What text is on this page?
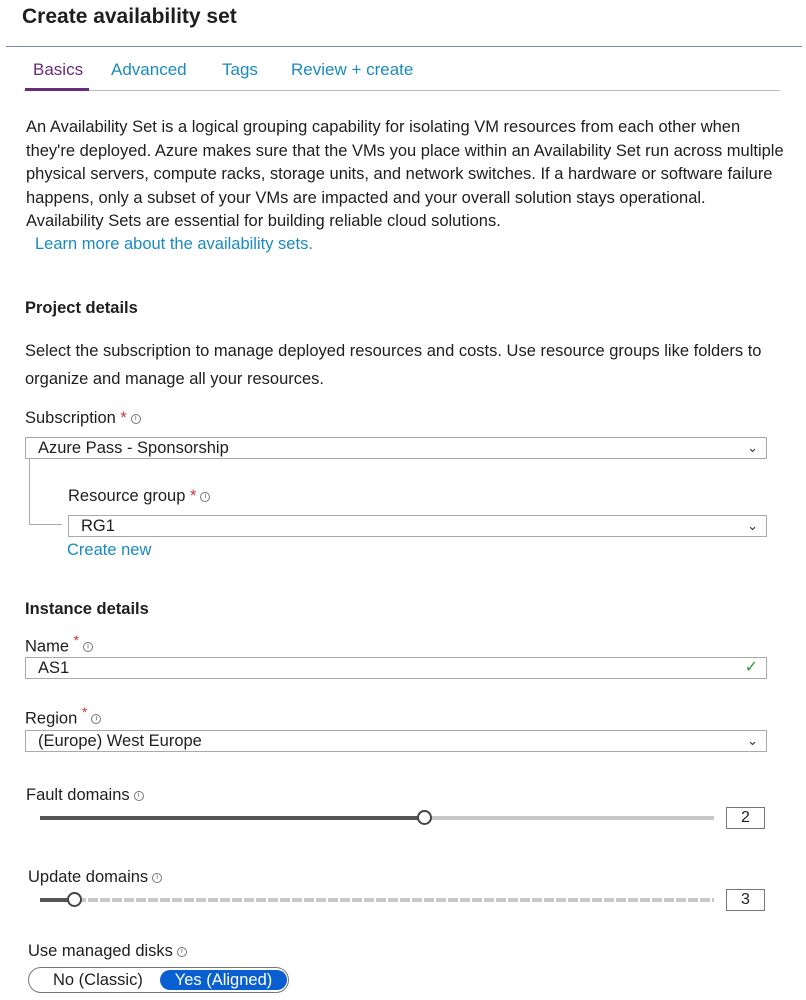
Create availability set
Basics Advanced Tags Review + create
An Availability Set is a logical grouping capability for isolating VM resources from each other when they're deployed. Azure makes sure that the VMs you place within an Availability Set run across multiple physical servers, compute racks, storage units, and network switches. If a hardware or software failure happens, only a subset of your VMs are impacted and your overall solution stays operational. Availability Sets are essential for building reliable cloud solutions.
Learn more about the availability sets.
Project details
Select the subscription to manage deployed resources and costs. Use resource groups like folders to organize and manage all your resources.
Subscription * i
Azure Pass - Sponsorship	⌄
Resource group * i
RG1	⌄
Create new
Instance details
Name * i
AS1	✓
Region * i
(Europe) West Europe	⌄
Fault domains i
2
Update domains i
3
Use managed disks i
No (Classic)	Yes (Aligned)
